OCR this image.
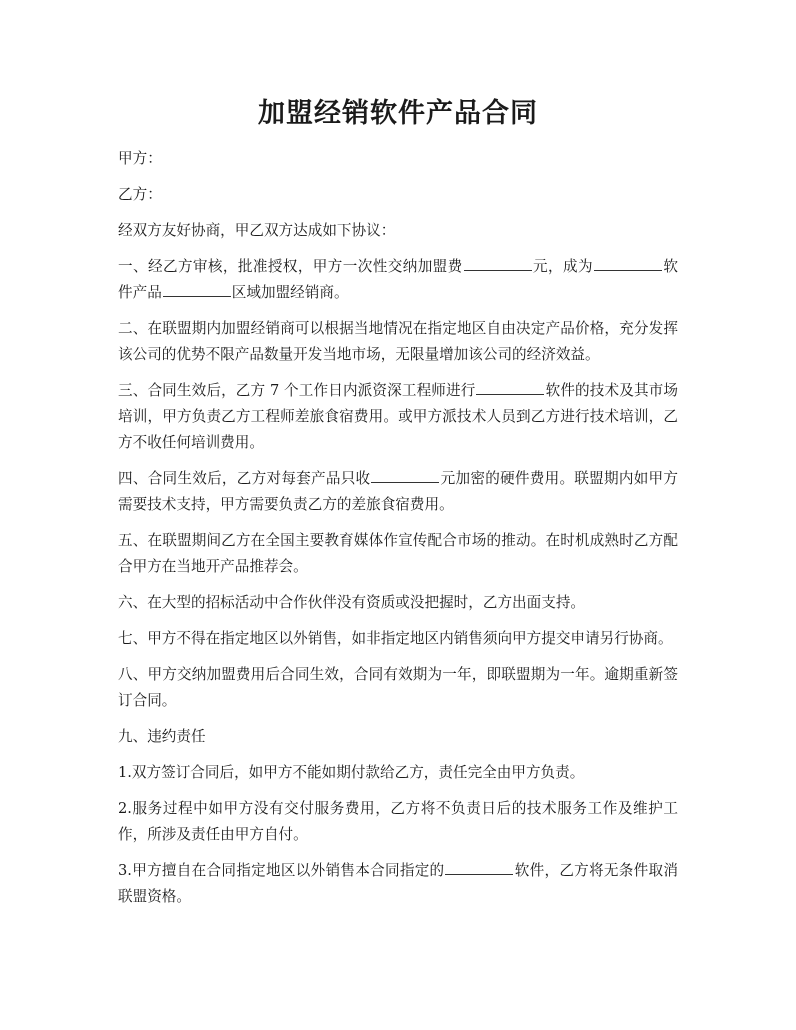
加盟经销软件产品合同

甲方：

乙方：

经双方友好协商，甲乙双方达成如下协议：

一、经乙方审核，批准授权，甲方一次性交纳加盟费	元，成为	软件产品	区域加盟经销商。

二、在联盟期内加盟经销商可以根据当地情况在指定地区自由决定产品价格，充分发挥该公司的优势不限产品数量开发当地市场，无限量增加该公司的经济效益。

三、合同生效后，乙方 7 个工作日内派资深工程师进行	软件的技术及其市场培训，甲方负责乙方工程师差旅食宿费用。或甲方派技术人员到乙方进行技术培训，乙方不收任何培训费用。

四、合同生效后，乙方对每套产品只收	元加密的硬件费用。联盟期内如甲方需要技术支持，甲方需要负责乙方的差旅食宿费用。

五、在联盟期间乙方在全国主要教育媒体作宣传配合市场的推动。在时机成熟时乙方配合甲方在当地开产品推荐会。

六、在大型的招标活动中合作伙伴没有资质或没把握时，乙方出面支持。

七、甲方不得在指定地区以外销售，如非指定地区内销售须向甲方提交申请另行协商。

八、甲方交纳加盟费用后合同生效，合同有效期为一年，即联盟期为一年。逾期重新签订合同。

九、违约责任

1.双方签订合同后，如甲方不能如期付款给乙方，责任完全由甲方负责。

2.服务过程中如甲方没有交付服务费用，乙方将不负责日后的技术服务工作及维护工作，所涉及责任由甲方自付。

3.甲方擅自在合同指定地区以外销售本合同指定的	软件，乙方将无条件取消联盟资格。
